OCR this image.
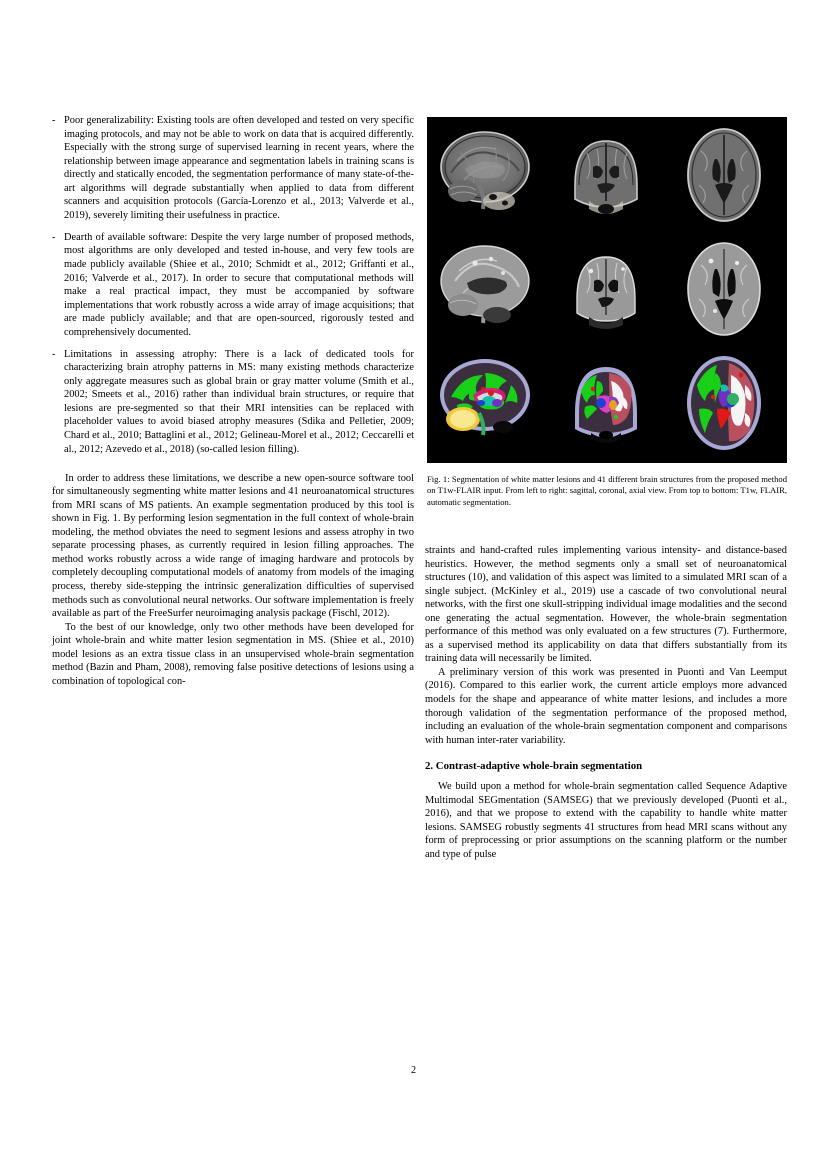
- Poor generalizability: Existing tools are often developed and tested on very specific imaging protocols, and may not be able to work on data that is acquired differently. Especially with the strong surge of supervised learning in recent years, where the relationship between image appearance and segmentation labels in training scans is directly and statically encoded, the segmentation performance of many state-of-the-art algorithms will degrade substantially when applied to data from different scanners and acquisition protocols (García-Lorenzo et al., 2013; Valverde et al., 2019), severely limiting their usefulness in practice.
- Dearth of available software: Despite the very large number of proposed methods, most algorithms are only developed and tested in-house, and very few tools are made publicly available (Shiee et al., 2010; Schmidt et al., 2012; Griffanti et al., 2016; Valverde et al., 2017). In order to secure that computational methods will make a real practical impact, they must be accompanied by software implementations that work robustly across a wide array of image acquisitions; that are made publicly available; and that are open-sourced, rigorously tested and comprehensively documented.
- Limitations in assessing atrophy: There is a lack of dedicated tools for characterizing brain atrophy patterns in MS: many existing methods characterize only aggregate measures such as global brain or gray matter volume (Smith et al., 2002; Smeets et al., 2016) rather than individual brain structures, or require that lesions are pre-segmented so that their MRI intensities can be replaced with placeholder values to avoid biased atrophy measures (Sdika and Pelletier, 2009; Chard et al., 2010; Battaglini et al., 2012; Gelineau-Morel et al., 2012; Ceccarelli et al., 2012; Azevedo et al., 2018) (so-called lesion filling).

In order to address these limitations, we describe a new open-source software tool for simultaneously segmenting white matter lesions and 41 neuroanatomical structures from MRI scans of MS patients. An example segmentation produced by this tool is shown in Fig. 1. By performing lesion segmentation in the full context of whole-brain modeling, the method obviates the need to segment lesions and assess atrophy in two separate processing phases, as currently required in lesion filling approaches. The method works robustly across a wide range of imaging hardware and protocols by completely decoupling computational models of anatomy from models of the imaging process, thereby side-stepping the intrinsic generalization difficulties of supervised methods such as convolutional neural networks. Our software implementation is freely available as part of the FreeSurfer neuroimaging analysis package (Fischl, 2012).

To the best of our knowledge, only two other methods have been developed for joint whole-brain and white matter lesion segmentation in MS. (Shiee et al., 2010) model lesions as an extra tissue class in an unsupervised whole-brain segmentation method (Bazin and Pham, 2008), removing false positive detections of lesions using a combination of topological con-

Fig. 1: Segmentation of white matter lesions and 41 different brain structures from the proposed method on T1w-FLAIR input. From left to right: sagittal, coronal, axial view. From top to bottom: T1w, FLAIR, automatic segmentation.

straints and hand-crafted rules implementing various intensity- and distance-based heuristics. However, the method segments only a small set of neuroanatomical structures (10), and validation of this aspect was limited to a simulated MRI scan of a single subject. (McKinley et al., 2019) use a cascade of two convolutional neural networks, with the first one skull-stripping individual image modalities and the second one generating the actual segmentation. However, the whole-brain segmentation performance of this method was only evaluated on a few structures (7). Furthermore, as a supervised method its applicability on data that differs substantially from its training data will necessarily be limited.

A preliminary version of this work was presented in Puonti and Van Leemput (2016). Compared to this earlier work, the current article employs more advanced models for the shape and appearance of white matter lesions, and includes a more thorough validation of the segmentation performance of the proposed method, including an evaluation of the whole-brain segmentation component and comparisons with human inter-rater variability.

2. Contrast-adaptive whole-brain segmentation

We build upon a method for whole-brain segmentation called Sequence Adaptive Multimodal SEGmentation (SAMSEG) that we previously developed (Puonti et al., 2016), and that we propose to extend with the capability to handle white matter lesions. SAMSEG robustly segments 41 structures from head MRI scans without any form of preprocessing or prior assumptions on the scanning platform or the number and type of pulse

2
